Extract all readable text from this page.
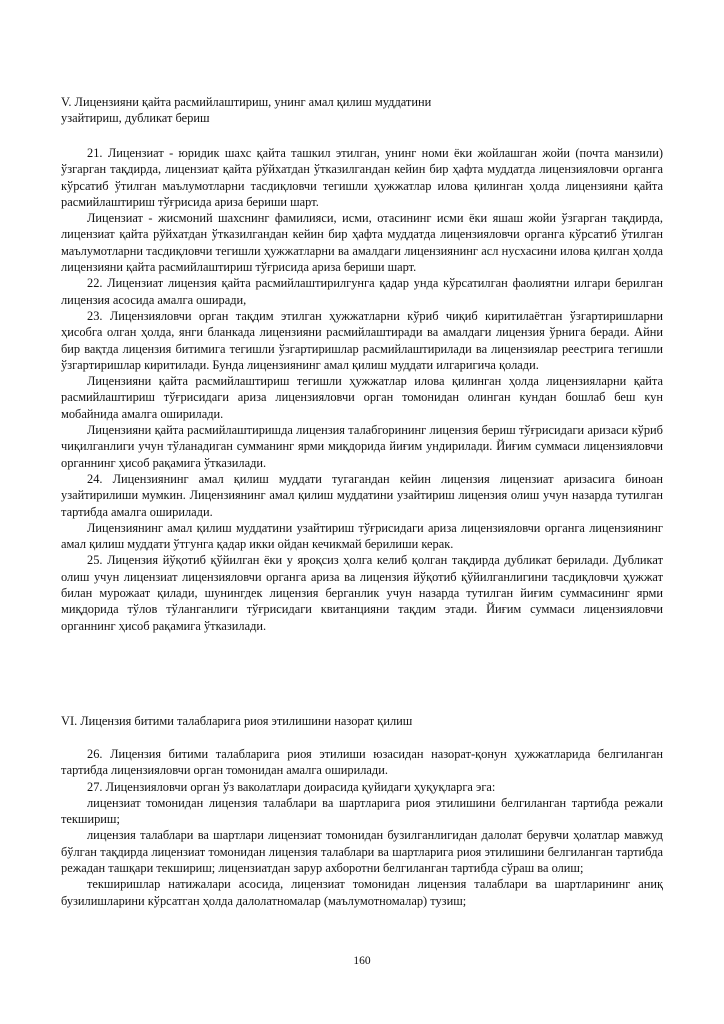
V. Лицензияни қайта расмийлаштириш, унинг амал қилиш муддатини
узайтириш, дубликат бериш

21. Лицензиат - юридик шахс қайта ташкил этилган, унинг номи ёки жойлашган жойи (почта манзили) ўзгарган тақдирда, лицензиат қайта рўйхатдан ўтказилгандан кейин бир ҳафта муддатда лицензияловчи органга кўрсатиб ўтилган маълумотларни тасдиқловчи тегишли ҳужжатлар илова қилинган ҳолда лицензияни қайта расмийлаштириш тўғрисида ариза бериши шарт.

Лицензиат - жисмоний шахснинг фамилияси, исми, отасининг исми ёки яшаш жойи ўзгарган тақдирда, лицензиат қайта рўйхатдан ўтказилгандан кейин бир ҳафта муддатда лицензияловчи органга кўрсатиб ўтилган маълумотларни тасдиқловчи тегишли ҳужжатларни ва амалдаги лицензиянинг асл нусхасини илова қилган ҳолда лицензияни қайта расмийлаштириш тўғрисида ариза бериши шарт.

22. Лицензиат лицензия қайта расмийлаштирилгунга қадар унда кўрсатилган фаолиятни илгари берилган лицензия асосида амалга оширади,

23. Лицензияловчи орган тақдим этилган ҳужжатларни кўриб чиқиб киритилаётган ўзгартиришларни ҳисобга олган ҳолда, янги бланкада лицензияни расмийлаштиради ва амалдаги лицензия ўрнига беради. Айни бир вақтда лицензия битимига тегишли ўзгартиришлар расмийлаштирилади ва лицензиялар реестрига тегишли ўзгартиришлар киритилади. Бунда лицензиянинг амал қилиш муддати илгаригича қолади.

Лицензияни қайта расмийлаштириш тегишли ҳужжатлар илова қилинган ҳолда лицензияларни қайта расмийлаштириш тўғрисидаги ариза лицензияловчи орган томонидан олинган кундан бошлаб беш кун мобайнида амалга оширилади.

Лицензияни қайта расмийлаштиришда лицензия талабгорининг лицензия бериш тўғрисидаги аризаси кўриб чиқилганлиги учун тўланадиган сумманинг ярми миқдорида йиғим ундирилади. Йиғим суммаси лицензияловчи органнинг ҳисоб рақамига ўтказилади.

24. Лицензиянинг амал қилиш муддати тугагандан кейин лицензия лицензиат аризасига биноан узайтирилиши мумкин. Лицензиянинг амал қилиш муддатини узайтириш лицензия олиш учун назарда тутилган тартибда амалга оширилади.

Лицензиянинг амал қилиш муддатини узайтириш тўғрисидаги ариза лицензияловчи органга лицензиянинг амал қилиш муддати ўтгунга қадар икки ойдан кечикмай берилиши керак.

25. Лицензия йўқотиб қўйилган ёки у яроқсиз ҳолга келиб қолган тақдирда дубликат берилади. Дубликат олиш учун лицензиат лицензияловчи органга ариза ва лицензия йўқотиб қўйилганлигини тасдиқловчи ҳужжат билан мурожаат қилади, шунингдек лицензия берганлик учун назарда тутилган йиғим суммасининг ярми миқдорида тўлов тўланганлиги тўғрисидаги квитанцияни тақдим этади. Йиғим суммаси лицензияловчи органнинг ҳисоб рақамига ўтказилади.

VI. Лицензия битими талабларига риоя этилишини назорат қилиш

26. Лицензия битими талабларига риоя этилиши юзасидан назорат-қонун ҳужжатларида белгиланган тартибда лицензияловчи орган томонидан амалга оширилади.

27. Лицензияловчи орган ўз ваколатлари доирасида қуйидаги ҳуқуқларга эга:

лицензиат томонидан лицензия талаблари ва шартларига риоя этилишини белгиланган тартибда режали текшириш;

лицензия талаблари ва шартлари лицензиат томонидан бузилганлигидан далолат берувчи ҳолатлар мавжуд бўлган тақдирда лицензиат томонидан лицензия талаблари ва шартларига риоя этилишини белгиланган тартибда режадан ташқари текшириш; лицензиатдан зарур ахборотни белгиланган тартибда сўраш ва олиш;

текширишлар натижалари асосида, лицензиат томонидан лицензия талаблари ва шартларининг аниқ бузилишларини кўрсатган ҳолда далолатномалар (маълумотномалар) тузиш;

160
